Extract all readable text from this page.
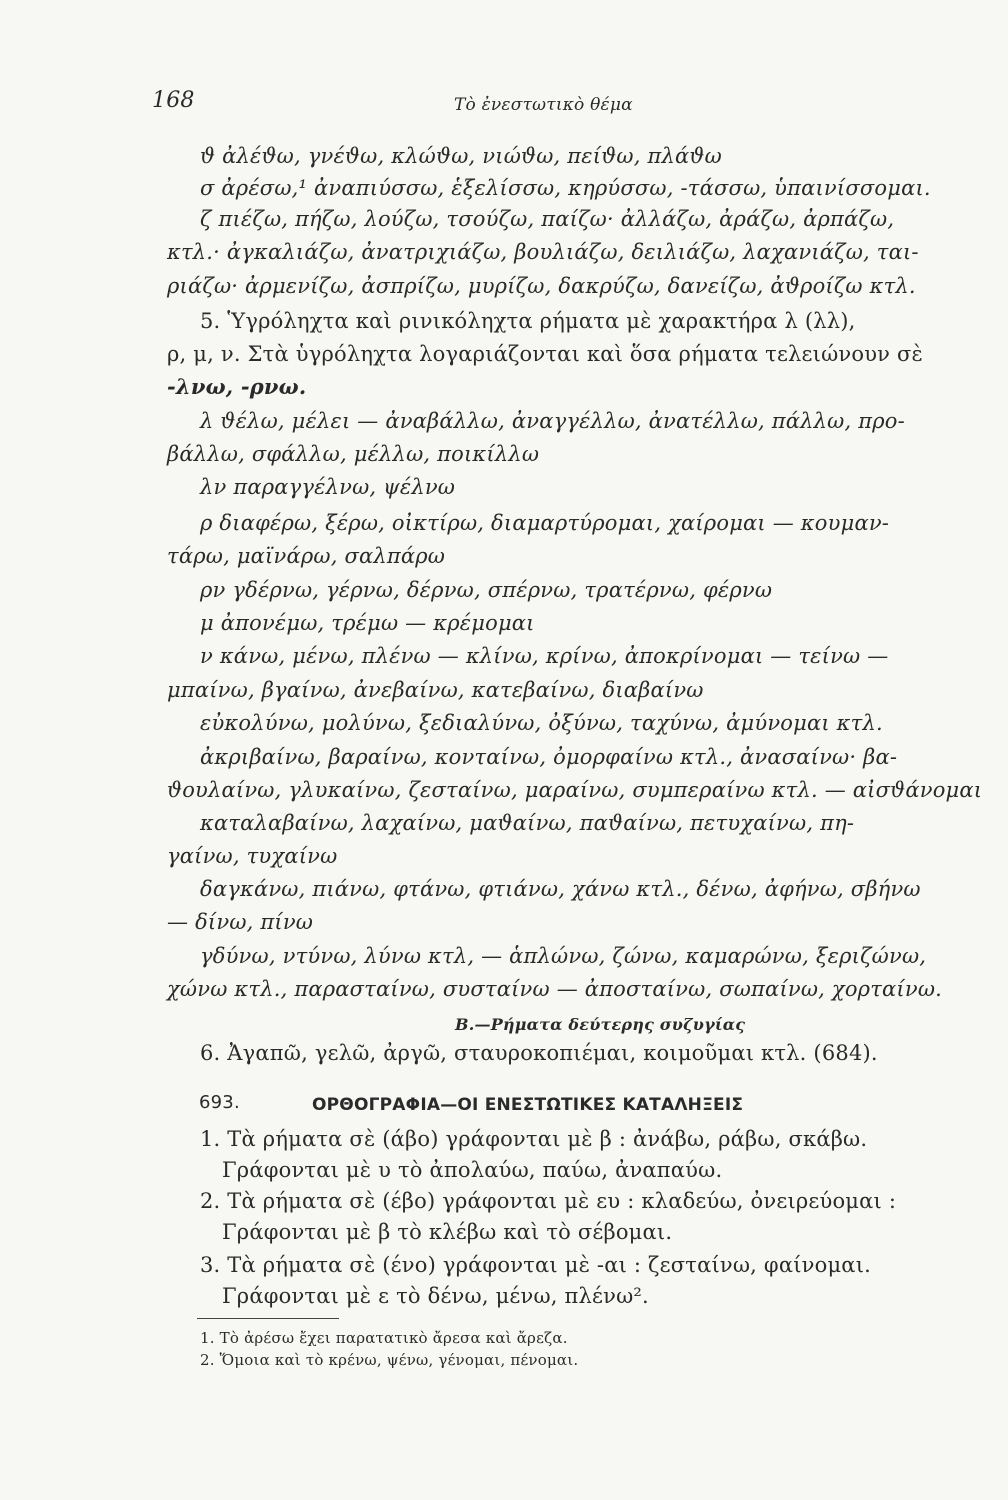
168	Τὸ ἐνεστωτικὸ θέμα
ϑ ἀλέϑω, γνέϑω, κλώϑω, νιώϑω, πείϑω, πλάϑω
σ ἀρέσω,¹ ἀναπιύσσω, ἑξελίσσω, κηρύσσω, -τάσσω, ὑπαινίσσομαι.
ζ πιέζω, πήζω, λούζω, τσούζω, παίζω· ἀλλάζω, ἀράζω, ἀρπάζω,
κτλ.· ἀγκαλιάζω, ἀνατριχιάζω, βουλιάζω, δειλιάζω, λαχανιάζω, ται-
ριάζω· ἀρμενίζω, ἀσπρίζω, μυρίζω, δακρύζω, δανείζω, ἀϑροίζω κτλ.
5. Ὑγρόληχτα καὶ ρινικόληχτα ρήματα μὲ χαρακτήρα λ (λλ),
ρ, μ, ν. Στὰ ὑγρόληχτα λογαριάζονται καὶ ὅσα ρήματα τελειώνουν σὲ
-λνω, -ρνω.
λ ϑέλω, μέλει — ἀναβάλλω, ἀναγγέλλω, ἀνατέλλω, πάλλω, προ-
βάλλω, σφάλλω, μέλλω, ποικίλλω
λν παραγγέλνω, ψέλνω
ρ διαφέρω, ξέρω, οἰκτίρω, διαμαρτύρομαι, χαίρομαι — κουμαν-
τάρω, μαϊνάρω, σαλπάρω
ρν γδέρνω, γέρνω, δέρνω, σπέρνω, τρατέρνω, φέρνω
μ ἀπονέμω, τρέμω — κρέμομαι
ν κάνω, μένω, πλένω — κλίνω, κρίνω, ἀποκρίνομαι — τείνω —
μπαίνω, βγαίνω, ἀνεβαίνω, κατεβαίνω, διαβαίνω
εὐκολύνω, μολύνω, ξεδιαλύνω, ὀξύνω, ταχύνω, ἀμύνομαι κτλ.
ἀκριβαίνω, βαραίνω, κονταίνω, ὀμορφαίνω κτλ., ἀνασαίνω· βα-
ϑουλαίνω, γλυκαίνω, ζεσταίνω, μαραίνω, συμπεραίνω κτλ. — αἰσϑάνομαι
καταλαβαίνω, λαχαίνω, μαϑαίνω, παϑαίνω, πετυχαίνω, πη-
γαίνω, τυχαίνω
δαγκάνω, πιάνω, φτάνω, φτιάνω, χάνω κτλ., δένω, ἀφήνω, σβήνω
— δίνω, πίνω
γδύνω, ντύνω, λύνω κτλ, — ἁπλώνω, ζώνω, καμαρώνω, ξεριζώνω,
χώνω κτλ., παρασταίνω, συσταίνω — ἀποσταίνω, σωπαίνω, χορταίνω.
Β.—Ρήματα δεύτερης συζυγίας
6. Ἀγαπῶ, γελῶ, ἀργῶ, σταυροκοπιέμαι, κοιμοῦμαι κτλ. (684).
693.	ΟΡΘΟΓΡΑΦΙΑ—ΟΙ ΕΝΕΣΤΩΤΙΚΕΣ ΚΑΤΑΛΗΞΕΙΣ
1. Τὰ ρήματα σὲ (άβο) γράφονται μὲ β : ἀνάβω, ράβω, σκάβω.
Γράφονται μὲ υ τὸ ἀπολαύω, παύω, ἀναπαύω.
2. Τὰ ρήματα σὲ (έβο) γράφονται μὲ ευ : κλαδεύω, ὀνειρεύομαι :
Γράφονται μὲ β τὸ κλέβω καὶ τὸ σέβομαι.
3. Τὰ ρήματα σὲ (ένο) γράφονται μὲ -αι : ζεσταίνω, φαίνομαι.
Γράφονται μὲ ε τὸ δένω, μένω, πλένω².
1. Τὸ ἀρέσω ἔχει παρατατικὸ ἄρεσα καὶ ἄρεζα.
2. Ὅμοια καὶ τὸ κρένω, ψένω, γένομαι, πένομαι.
